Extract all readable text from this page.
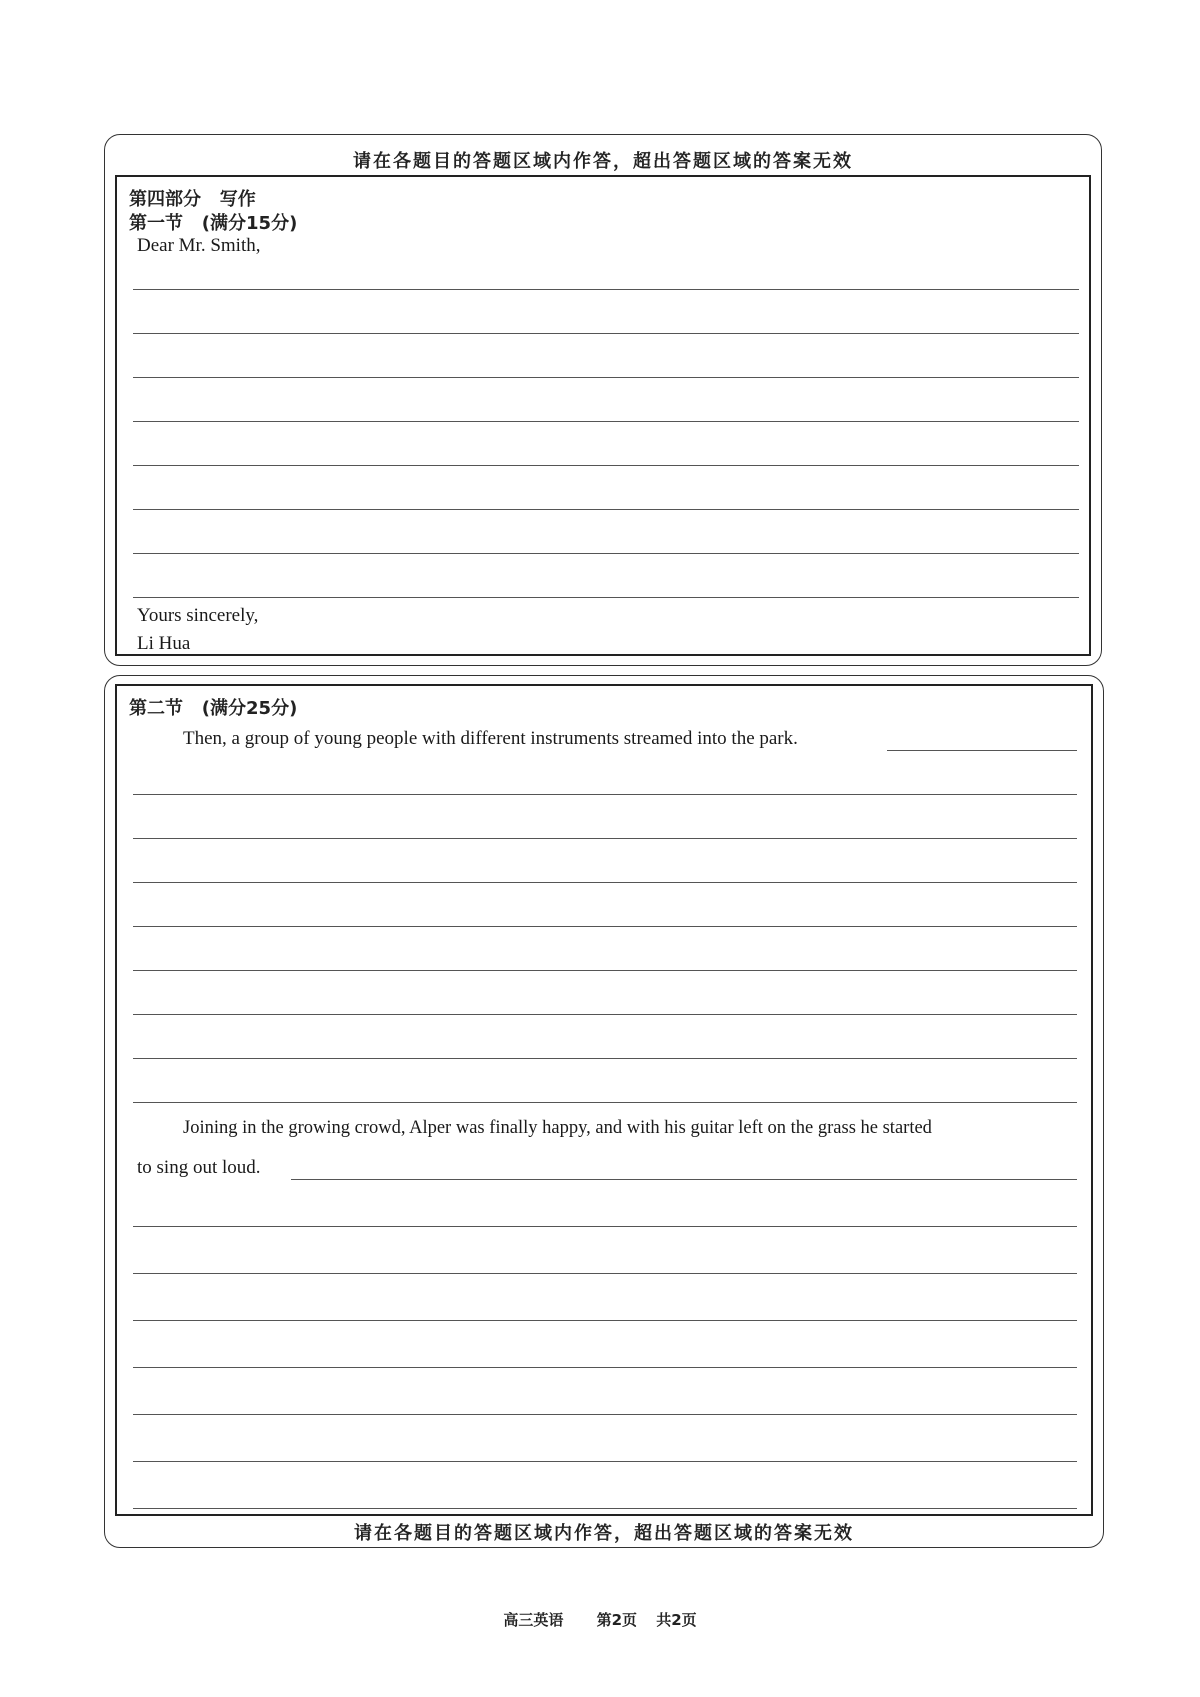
请在各题目的答题区域内作答，超出答题区域的答案无效
第四部分   写作
第一节   (满分15分)
Dear Mr. Smith,
Yours sincerely,
Li Hua
第二节   (满分25分)
Then, a group of young people with different instruments streamed into the park.
Joining in the growing crowd, Alper was finally happy, and with his guitar left on the grass he started
to sing out loud.
请在各题目的答题区域内作答，超出答题区域的答案无效
高三英语 第2页 共2页
